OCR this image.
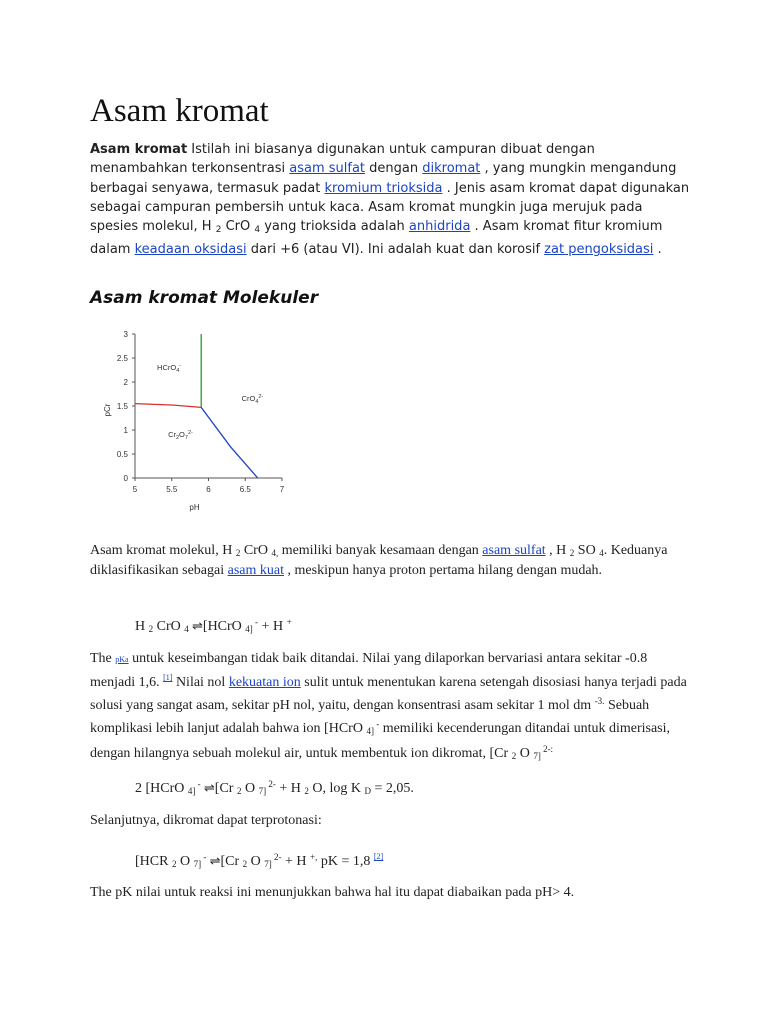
Asam kromat
Asam kromat Istilah ini biasanya digunakan untuk campuran dibuat dengan menambahkan terkonsentrasi asam sulfat dengan dikromat , yang mungkin mengandung berbagai senyawa, termasuk padat kromium trioksida . Jenis asam kromat dapat digunakan sebagai campuran pembersih untuk kaca. Asam kromat mungkin juga merujuk pada spesies molekul, H $_2$ CrO $_4$ yang trioksida adalah anhidrida . Asam kromat fitur kromium dalam keadaan oksidasi dari +6 (atau VI). Ini adalah kuat dan korosif zat pengoksidasi .
Asam kromat Molekuler
5	5.5	6	6.5	7
0
0.5
1
1.5
2
2.5
3
pH
pCr
HCrO$_4$-
CrO$_4^{2-}$
$Cr_2O_7^{2-}$
Asam kromat molekul, H $_2$ CrO $_{4,}$ memiliki banyak kesamaan dengan asam sulfat , H $_2$ SO $_4$. Keduanya diklasifikasikan sebagai asam kuat , meskipun hanya proton pertama hilang dengan mudah.
H $_2$ CrO $_4$ ⇌[HCrO $_{4]}$ - + H +
The pKa untuk keseimbangan tidak baik ditandai. Nilai yang dilaporkan bervariasi antara sekitar -0.8 menjadi 1,6. [1] Nilai nol kekuatan ion sulit untuk menentukan karena setengah disosiasi hanya terjadi pada solusi yang sangat asam, sekitar pH nol, yaitu, dengan konsentrasi asam sekitar 1 mol dm $^{-3.}$ Sebuah komplikasi lebih lanjut adalah bahwa ion [HCrO $_{4]}$ - memiliki kecenderungan ditandai untuk dimerisasi, dengan hilangnya sebuah molekul air, untuk membentuk ion dikromat, [Cr $_2$ O $_{7]}$ $^{2-:}$
2 [HCrO $_{4]}$ - ⇌[Cr $_2$ O $_{7]}$ $^{2-}$ + H $_2$ O, log K $_D$ = 2,05.
Selanjutnya, dikromat dapat terprotonasi:
[HCR $_2$ O $_{7]}$ - ⇌[Cr $_2$ O $_{7]}$ $^{2-}$ + H +, pK = 1,8 [2]
The pK nilai untuk reaksi ini menunjukkan bahwa hal itu dapat diabaikan pada pH> 4.
